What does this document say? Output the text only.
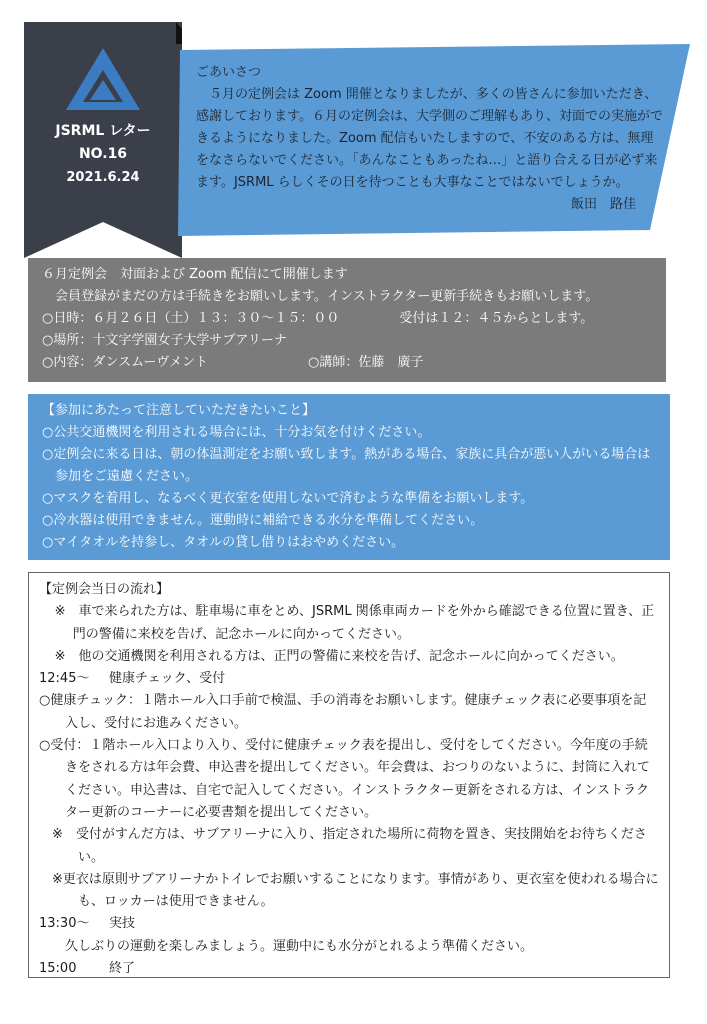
JSRML レター
NO.16
2021.6.24

ごあいさつ

５月の定例会は Zoom 開催となりましたが、多くの皆さんに参加いただき、感謝しております。６月の定例会は、大学側のご理解もあり、対面での実施ができるようになりました。Zoom 配信もいたしますので、不安のある方は、無理をなさらないでください。「あんなこともあったね…」と語り合える日が必ず来ます。JSRML らしくその日を待つことも大事なことではないでしょうか。
飯田　路佳

６月定例会　対面および Zoom 配信にて開催します
会員登録がまだの方は手続きをお願いします。インストラクター更新手続きもお願いします。
○日時：６月２６日（土）１３：３０～１５：００	受付は１２：４５からとします。
○場所：十文字学園女子大学サブアリーナ
○内容：ダンスムーヴメント	○講師：佐藤　廣子
【参加にあたって注意していただきたいこと】
○公共交通機関を利用される場合には、十分お気を付けください。
○定例会に来る日は、朝の体温測定をお願い致します。熱がある場合、家族に具合が悪い人がいる場合は参加をご遠慮ください。
○マスクを着用し、なるべく更衣室を使用しないで済むような準備をお願いします。
○冷水器は使用できません。運動時に補給できる水分を準備してください。
○マイタオルを持参し、タオルの貸し借りはおやめください。
【定例会当日の流れ】
※　車で来られた方は、駐車場に車をとめ、JSRML 関係車両カードを外から確認できる位置に置き、正門の警備に来校を告げ、記念ホールに向かってください。
※　他の交通機関を利用される方は、正門の警備に来校を告げ、記念ホールに向かってください。
12:45～ 健康チェック、受付
○健康チュック：１階ホール入口手前で検温、手の消毒をお願いします。健康チェック表に必要事項を記入し、受付にお進みください。
○受付：１階ホール入口より入り、受付に健康チェック表を提出し、受付をしてください。今年度の手続きをされる方は年会費、申込書を提出してください。年会費は、おつりのないように、封筒に入れてください。申込書は、自宅で記入してください。インストラクター更新をされる方は、インストラクター更新のコーナーに必要書類を提出してください。
※　受付がすんだ方は、サブアリーナに入り、指定された場所に荷物を置き、実技開始をお待ちください。
※更衣は原則サブアリーナかトイレでお願いすることになります。事情があり、更衣室を使われる場合にも、ロッカーは使用できません。
13:30～ 実技
久しぶりの運動を楽しみましょう。運動中にも水分がとれるよう準備ください。
15:00	終了
